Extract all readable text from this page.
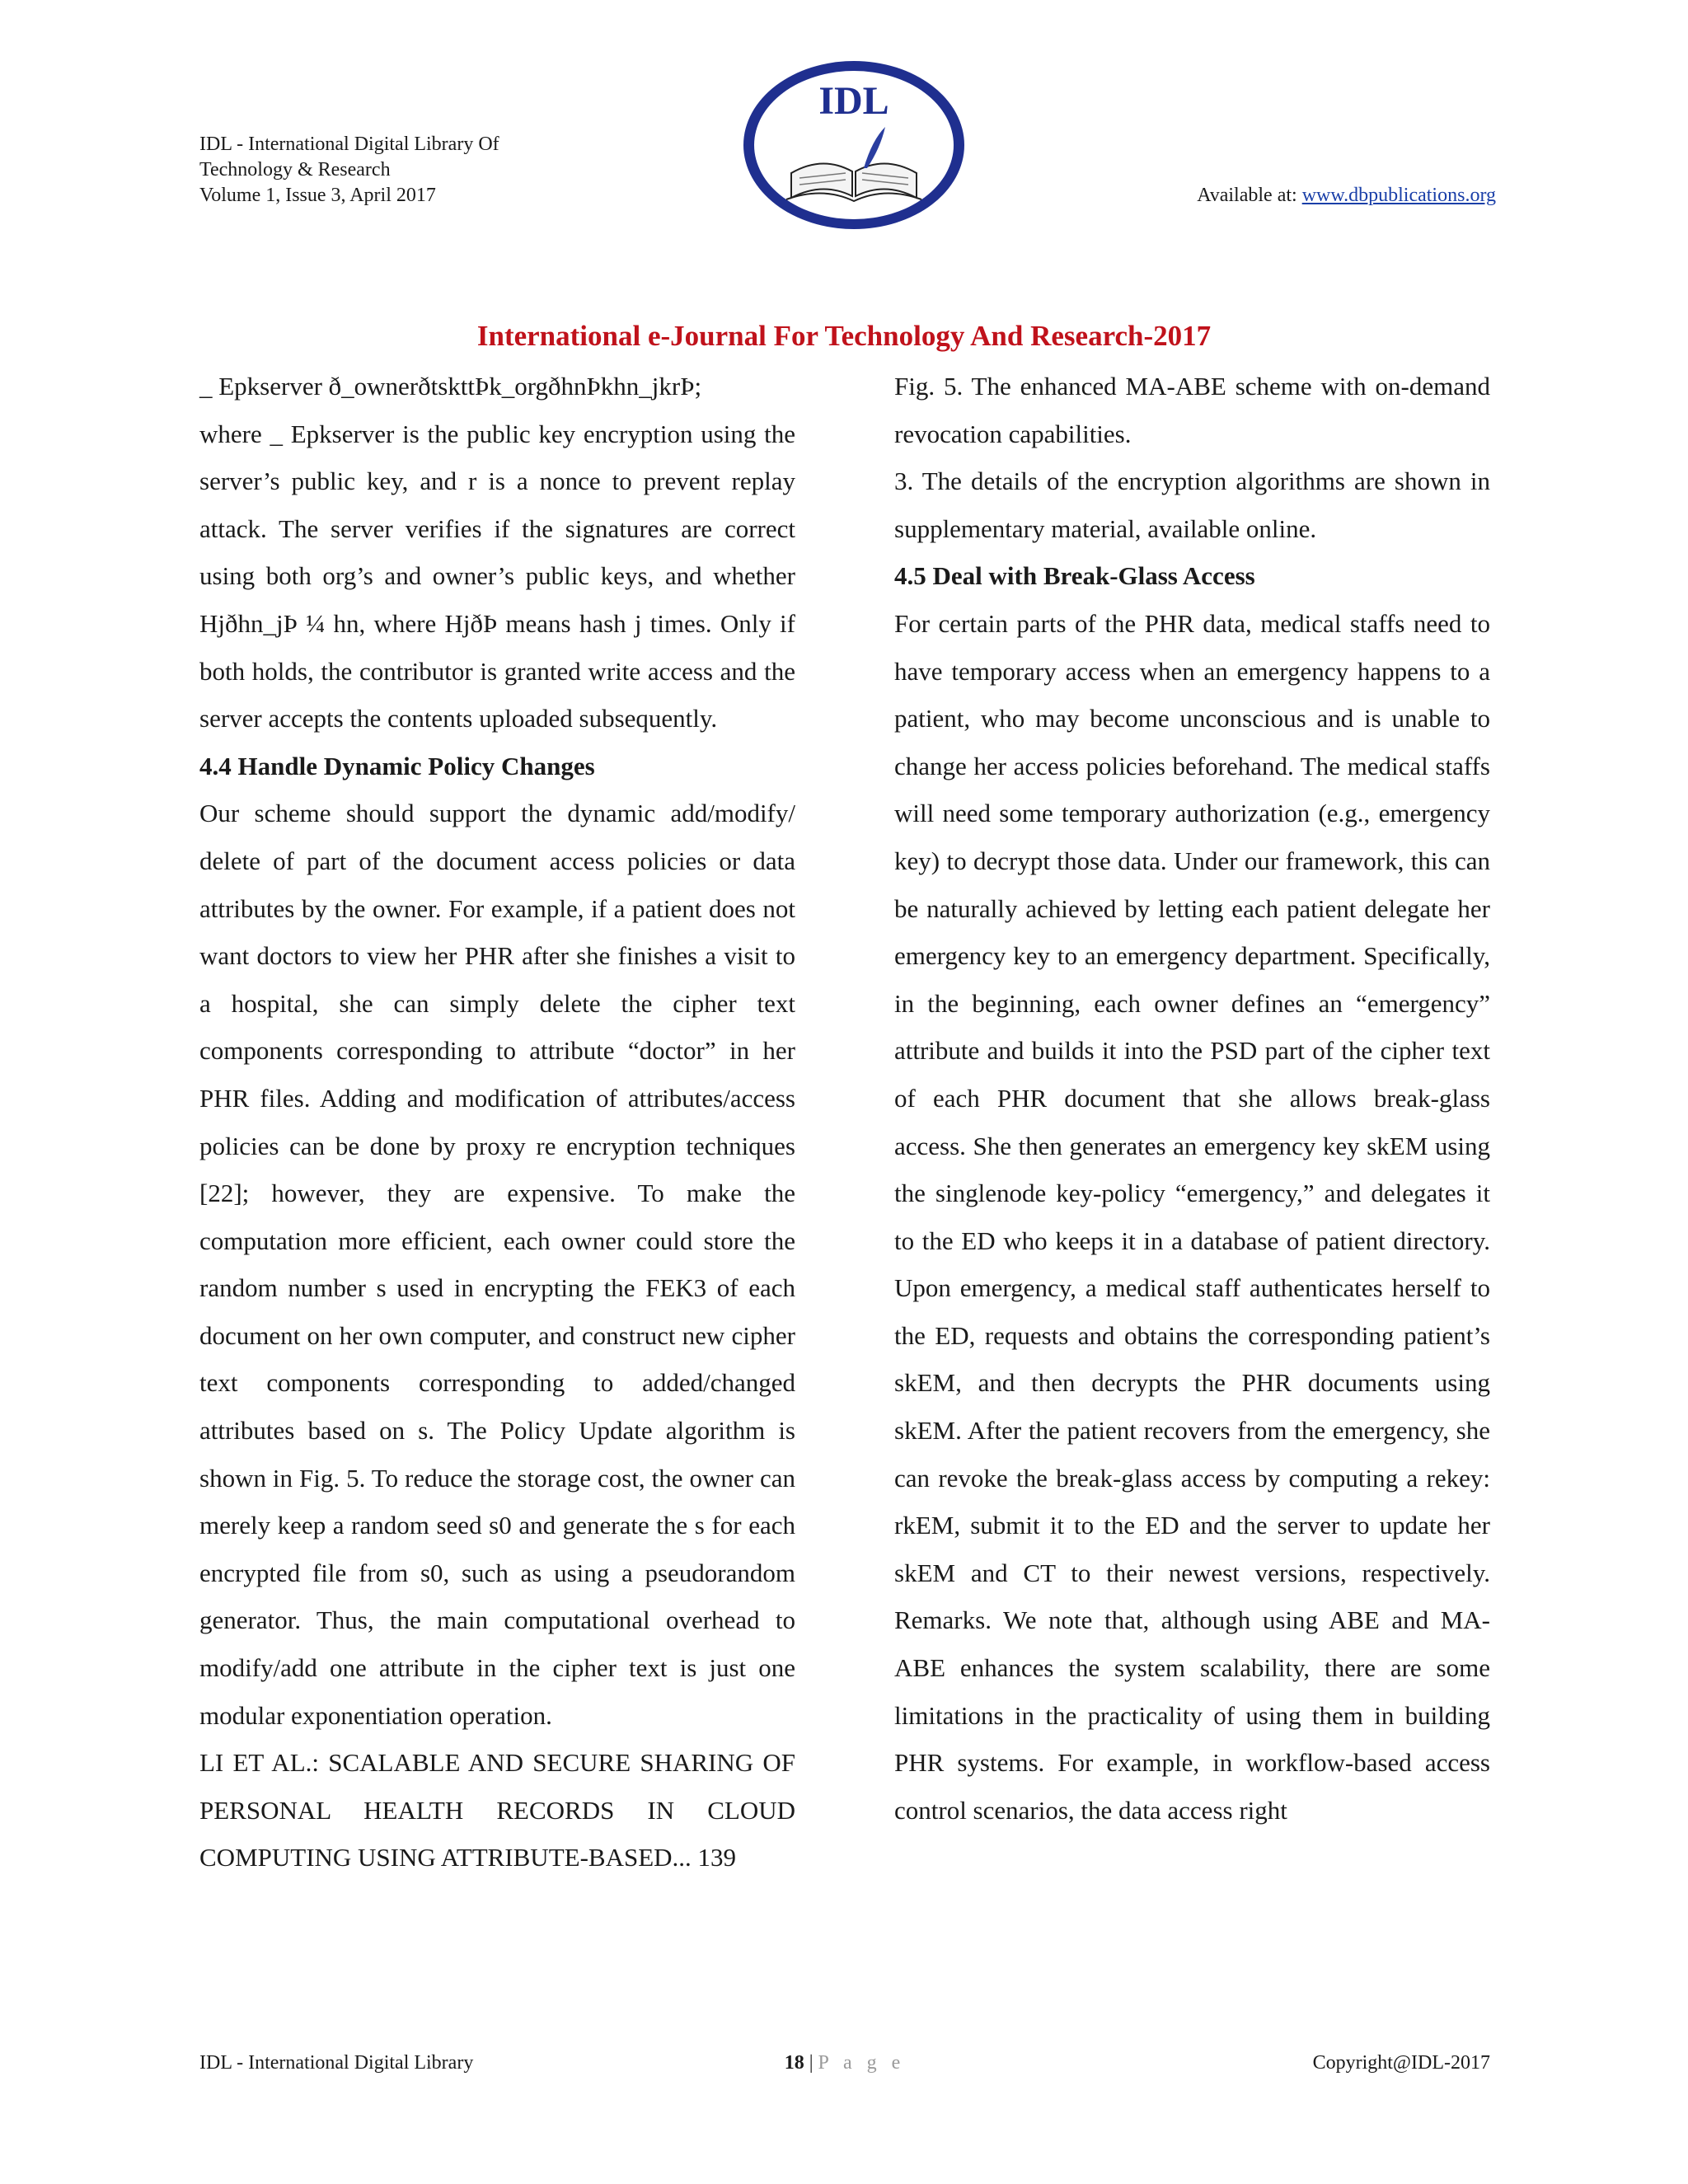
IDL - International Digital Library Of
Technology & Research
Volume 1, Issue 3, April 2017
IDL
Available at: www.dbpublications.org
International e-Journal For Technology And Research-2017

_ Epkserver ð_ownerðtskttÞk_orgðhnÞkhn_jkrÞ;

where _ Epkserver is the public key encryption using the server’s public key, and r is a nonce to prevent replay attack. The server verifies if the signatures are correct using both org’s and owner’s public keys, and whether Hjðhn_jÞ ¼ hn, where HjðÞ means hash j times. Only if both holds, the contributor is granted write access and the server accepts the contents uploaded subsequently.

4.4 Handle Dynamic Policy Changes

Our scheme should support the dynamic add/modify/ delete of part of the document access policies or data attributes by the owner. For example, if a patient does not want doctors to view her PHR after she finishes a visit to a hospital, she can simply delete the cipher text components corresponding to attribute “doctor” in her PHR files. Adding and modification of attributes/access policies can be done by proxy re encryption techniques [22]; however, they are expensive. To make the computation more efficient, each owner could store the random number s used in encrypting the FEK3 of each document on her own computer, and construct new cipher text components corresponding to added/changed attributes based on s. The Policy Update algorithm is shown in Fig. 5. To reduce the storage cost, the owner can merely keep a random seed s0 and generate the s for each encrypted file from s0, such as using a pseudorandom generator. Thus, the main computational overhead to modify/add one attribute in the cipher text is just one modular exponentiation operation.

LI ET AL.: SCALABLE AND SECURE SHARING OF PERSONAL HEALTH RECORDS IN CLOUD COMPUTING USING ATTRIBUTE-BASED... 139

Fig. 5. The enhanced MA-ABE scheme with on-demand revocation capabilities.

3. The details of the encryption algorithms are shown in supplementary material, available online.

4.5 Deal with Break-Glass Access

For certain parts of the PHR data, medical staffs need to have temporary access when an emergency happens to a patient, who may become unconscious and is unable to change her access policies beforehand. The medical staffs will need some temporary authorization (e.g., emergency key) to decrypt those data. Under our framework, this can be naturally achieved by letting each patient delegate her emergency key to an emergency department. Specifically, in the beginning, each owner defines an “emergency” attribute and builds it into the PSD part of the cipher text of each PHR document that she allows break-glass access. She then generates an emergency key skEM using the singlenode key-policy “emergency,” and delegates it to the ED who keeps it in a database of patient directory. Upon emergency, a medical staff authenticates herself to the ED, requests and obtains the corresponding patient’s skEM, and then decrypts the PHR documents using skEM. After the patient recovers from the emergency, she can revoke the break-glass access by computing a rekey: rkEM, submit it to the ED and the server to update her skEM and CT to their newest versions, respectively. Remarks. We note that, although using ABE and MA-ABE enhances the system scalability, there are some limitations in the practicality of using them in building PHR systems. For example, in workflow-based access control scenarios, the data access right

IDL - International Digital Library	18 | P a g e	Copyright@IDL-2017
